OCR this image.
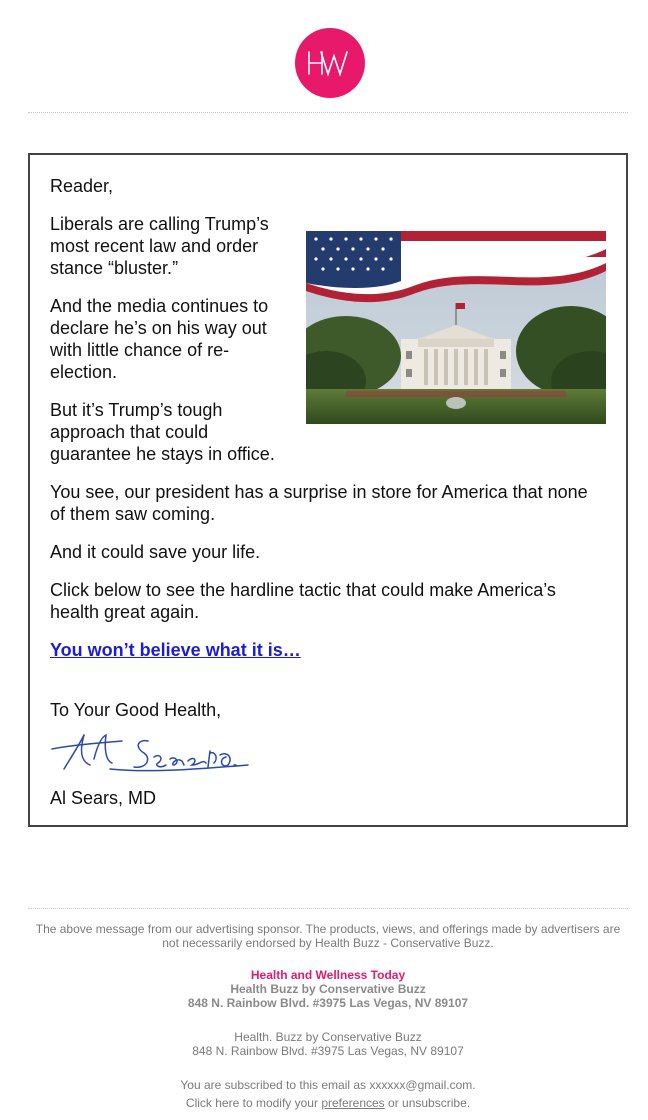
Reader,

Liberals are calling Trump’s most recent law and order stance “bluster.”

And the media continues to declare he’s on his way out with little chance of re-election.

But it’s Trump’s tough approach that could guarantee he stays in office.

You see, our president has a surprise in store for America that none of them saw coming.

And it could save your life.

Click below to see the hardline tactic that could make America’s health great again.

You won’t believe what it is…

To Your Good Health,

Al Sears, MD

The above message from our advertising sponsor. The products, views, and offerings made by advertisers are not necessarily endorsed by Health Buzz - Conservative Buzz.

Health and Wellness Today

Health Buzz by Conservative Buzz

848 N. Rainbow Blvd. #3975 Las Vegas, NV 89107

Health. Buzz by Conservative Buzz

848 N. Rainbow Blvd. #3975 Las Vegas, NV 89107

You are subscribed to this email as xxxxxx@gmail.com.

Click here to modify your preferences or unsubscribe.
